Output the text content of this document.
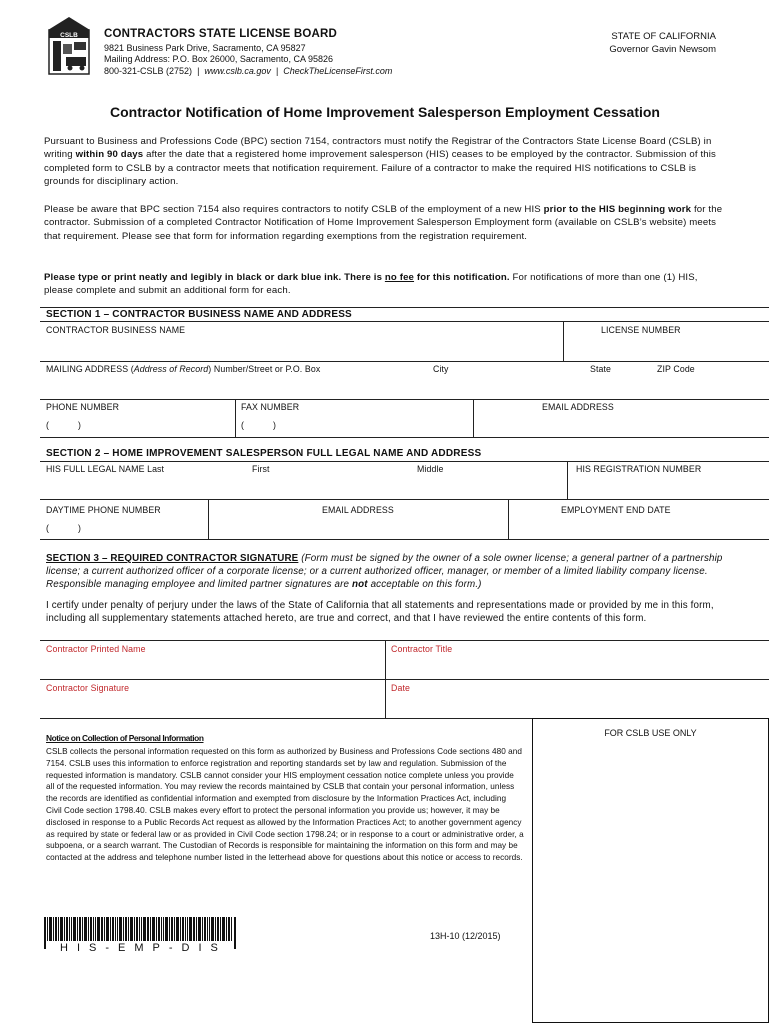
CSLB CONTRACTORS STATE LICENSE BOARD
9821 Business Park Drive, Sacramento, CA 95827
Mailing Address: P.O. Box 26000, Sacramento, CA 95826
800-321-CSLB (2752)  |  www.cslb.ca.gov  |  CheckTheLicenseFirst.com
STATE OF CALIFORNIA
Governor Gavin Newsom
Contractor Notification of Home Improvement Salesperson Employment Cessation
Pursuant to Business and Professions Code (BPC) section 7154, contractors must notify the Registrar of the Contractors State License Board (CSLB) in writing within 90 days after the date that a registered home improvement salesperson (HIS) ceases to be employed by the contractor. Submission of this completed form to CSLB by a contractor meets that notification requirement. Failure of a contractor to make the required HIS notifications to CSLB is grounds for disciplinary action.
Please be aware that BPC section 7154 also requires contractors to notify CSLB of the employment of a new HIS prior to the HIS beginning work for the contractor. Submission of a completed Contractor Notification of Home Improvement Salesperson Employment form (available on CSLB’s website) meets that requirement. Please see that form for information regarding exemptions from the registration requirement.
Please type or print neatly and legibly in black or dark blue ink. There is no fee for this notification. For notifications of more than one (1) HIS, please complete and submit an additional form for each.
SECTION 1 – CONTRACTOR BUSINESS NAME AND ADDRESS
CONTRACTOR BUSINESS NAME	LICENSE NUMBER
MAILING ADDRESS (Address of Record) Number/Street or P.O. Box	City	State	ZIP Code
PHONE NUMBER	FAX NUMBER	EMAIL ADDRESS
(	)	(	)
SECTION 2 – HOME IMPROVEMENT SALESPERSON FULL LEGAL NAME AND ADDRESS
HIS FULL LEGAL NAME Last	First	Middle	HIS REGISTRATION NUMBER
DAYTIME PHONE NUMBER	EMAIL ADDRESS	EMPLOYMENT END DATE
(	)
SECTION 3 – REQUIRED CONTRACTOR SIGNATURE (Form must be signed by the owner of a sole owner license; a general partner of a partnership license; a current authorized officer of a corporate license; or a current authorized officer, manager, or member of a limited liability company license. Responsible managing employee and limited partner signatures are not acceptable on this form.)
I certify under penalty of perjury under the laws of the State of California that all statements and representations made or provided by me in this form, including all supplementary statements attached hereto, are true and correct, and that I have reviewed the entire contents of this form.
Contractor Printed Name	Contractor Title
Contractor Signature	Date
Notice on Collection of Personal Information
CSLB collects the personal information requested on this form as authorized by Business and Professions Code sections 480 and 7154. CSLB uses this information to enforce registration and reporting standards set by law and regulation. Submission of the requested information is mandatory. CSLB cannot consider your HIS employment cessation notice complete unless you provide all of the requested information. You may review the records maintained by CSLB that contain your personal information, unless the records are identified as confidential information and exempted from disclosure by the Information Practices Act, including Civil Code section 1798.40. CSLB makes every effort to protect the personal information you provide us; however, it may be disclosed in response to a Public Records Act request as allowed by the Information Practices Act; to another government agency as required by state or federal law or as provided in Civil Code section 1798.24; or in response to a court or administrative order, a subpoena, or a search warrant. The Custodian of Records is responsible for maintaining the information on this form and may be contacted at the address and telephone number listed in the letterhead above for questions about this notice or access to records.
FOR CSLB USE ONLY
HIS-EMP-DIS
13H-10 (12/2015)
